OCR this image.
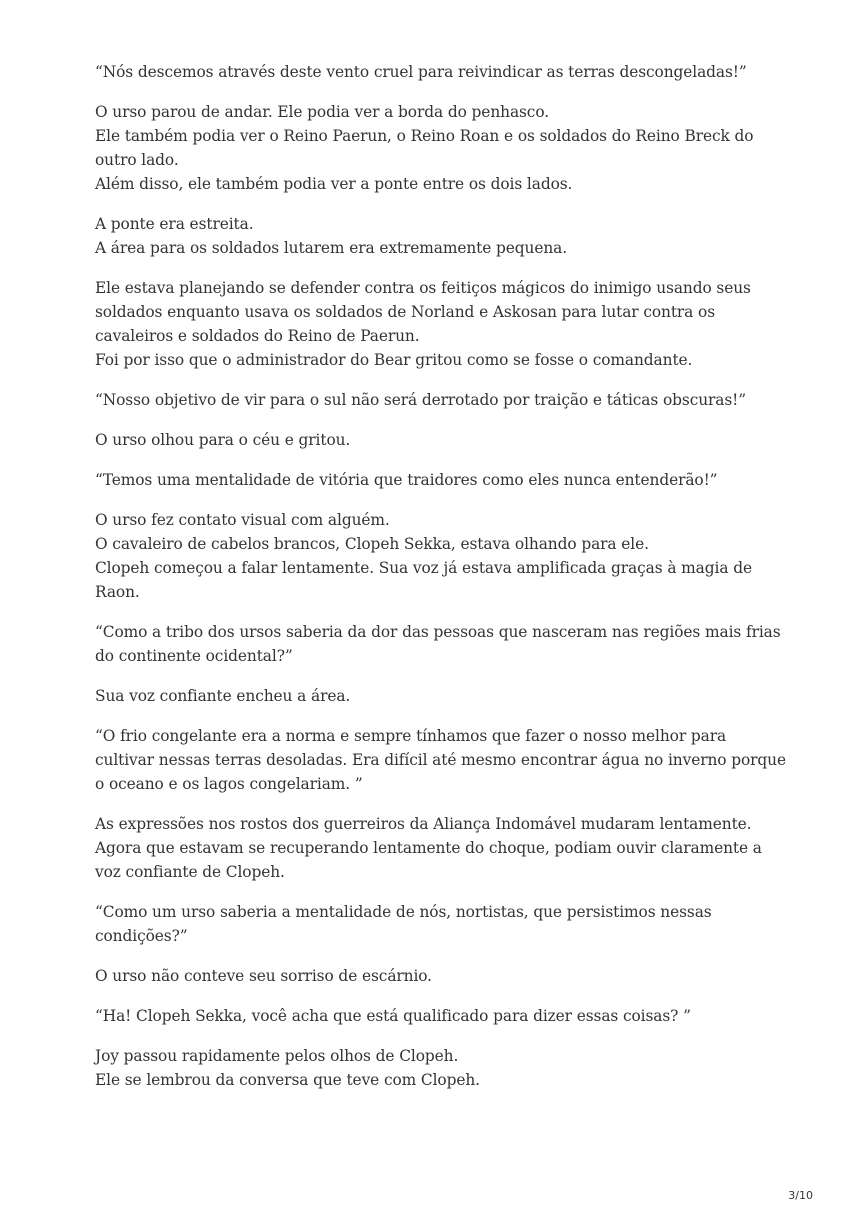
“Nós descemos através deste vento cruel para reivindicar as terras descongeladas!”

O urso parou de andar. Ele podia ver a borda do penhasco.
Ele também podia ver o Reino Paerun, o Reino Roan e os soldados do Reino Breck do
outro lado.
Além disso, ele também podia ver a ponte entre os dois lados.

A ponte era estreita.
A área para os soldados lutarem era extremamente pequena.

Ele estava planejando se defender contra os feitiços mágicos do inimigo usando seus
soldados enquanto usava os soldados de Norland e Askosan para lutar contra os
cavaleiros e soldados do Reino de Paerun.
Foi por isso que o administrador do Bear gritou como se fosse o comandante.

“Nosso objetivo de vir para o sul não será derrotado por traição e táticas obscuras!”

O urso olhou para o céu e gritou.

“Temos uma mentalidade de vitória que traidores como eles nunca entenderão!”

O urso fez contato visual com alguém.
O cavaleiro de cabelos brancos, Clopeh Sekka, estava olhando para ele.
Clopeh começou a falar lentamente. Sua voz já estava amplificada graças à magia de
Raon.

“Como a tribo dos ursos saberia da dor das pessoas que nasceram nas regiões mais frias
do continente ocidental?”

Sua voz confiante encheu a área.

“O frio congelante era a norma e sempre tínhamos que fazer o nosso melhor para
cultivar nessas terras desoladas. Era difícil até mesmo encontrar água no inverno porque
o oceano e os lagos congelariam. ”

As expressões nos rostos dos guerreiros da Aliança Indomável mudaram lentamente.
Agora que estavam se recuperando lentamente do choque, podiam ouvir claramente a
voz confiante de Clopeh.

“Como um urso saberia a mentalidade de nós, nortistas, que persistimos nessas
condições?”

O urso não conteve seu sorriso de escárnio.

“Ha! Clopeh Sekka, você acha que está qualificado para dizer essas coisas? ”

Joy passou rapidamente pelos olhos de Clopeh.
Ele se lembrou da conversa que teve com Clopeh.

3/10
